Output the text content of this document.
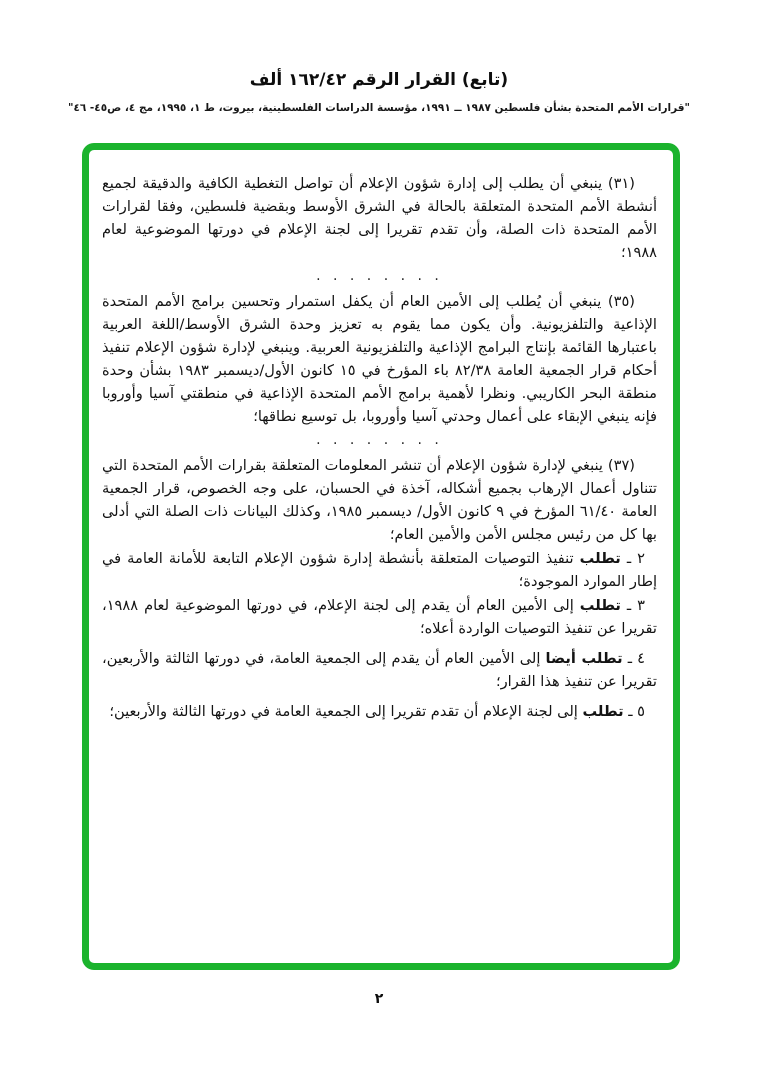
(تابع) القرار الرقم ١٦٢/٤٢ ألف
"قرارات الأمم المتحدة بشأن فلسطين ١٩٨٧ ــ ١٩٩١، مؤسسة الدراسات الفلسطينية، بيروت، ط ١، ١٩٩٥، مج ٤، ص٤٥- ٤٦"

(٣١) ينبغي أن يطلب إلى إدارة شؤون الإعلام أن تواصل التغطية الكافية والدقيقة لجميع أنشطة الأمم المتحدة المتعلقة بالحالة في الشرق الأوسط وبقضية فلسطين، وفقا لقرارات الأمم المتحدة ذات الصلة، وأن تقدم تقريرا إلى لجنة الإعلام في دورتها الموضوعية لعام ١٩٨٨؛

. . . . . . . .

(٣٥) ينبغي أن يُطلب إلى الأمين العام أن يكفل استمرار وتحسين برامج الأمم المتحدة الإذاعية والتلفزيونية. وأن يكون مما يقوم به تعزيز وحدة الشرق الأوسط/اللغة العربية باعتبارها القائمة بإنتاج البرامج الإذاعية والتلفزيونية العربية. وينبغي لإدارة شؤون الإعلام تنفيذ أحكام قرار الجمعية العامة ٨٢/٣٨ باء المؤرخ في ١٥ كانون الأول/ديسمبر ١٩٨٣ بشأن وحدة منطقة البحر الكاريبي. ونظرا لأهمية برامج الأمم المتحدة الإذاعية في منطقتي آسيا وأوروبا فإنه ينبغي الإبقاء على أعمال وحدتي آسيا وأوروبا، بل توسيع نطاقها؛

. . . . . . . .

(٣٧) ينبغي لإدارة شؤون الإعلام أن تنشر المعلومات المتعلقة بقرارات الأمم المتحدة التي تتناول أعمال الإرهاب بجميع أشكاله، آخذة في الحسبان، على وجه الخصوص، قرار الجمعية العامة ٦١/٤٠ المؤرخ في ٩ كانون الأول/ ديسمبر ١٩٨٥، وكذلك البيانات ذات الصلة التي أدلى بها كل من رئيس مجلس الأمن والأمين العام؛

٢ ـ تطلب تنفيذ التوصيات المتعلقة بأنشطة إدارة شؤون الإعلام التابعة للأمانة العامة في إطار الموارد الموجودة؛

٣ ـ تطلب إلى الأمين العام أن يقدم إلى لجنة الإعلام، في دورتها الموضوعية لعام ١٩٨٨، تقريرا عن تنفيذ التوصيات الواردة أعلاه؛

٤ ـ تطلب أيضا إلى الأمين العام أن يقدم إلى الجمعية العامة، في دورتها الثالثة والأربعين، تقريرا عن تنفيذ هذا القرار؛

٥ ـ تطلب إلى لجنة الإعلام أن تقدم تقريرا إلى الجمعية العامة في دورتها الثالثة والأربعين؛

٢
